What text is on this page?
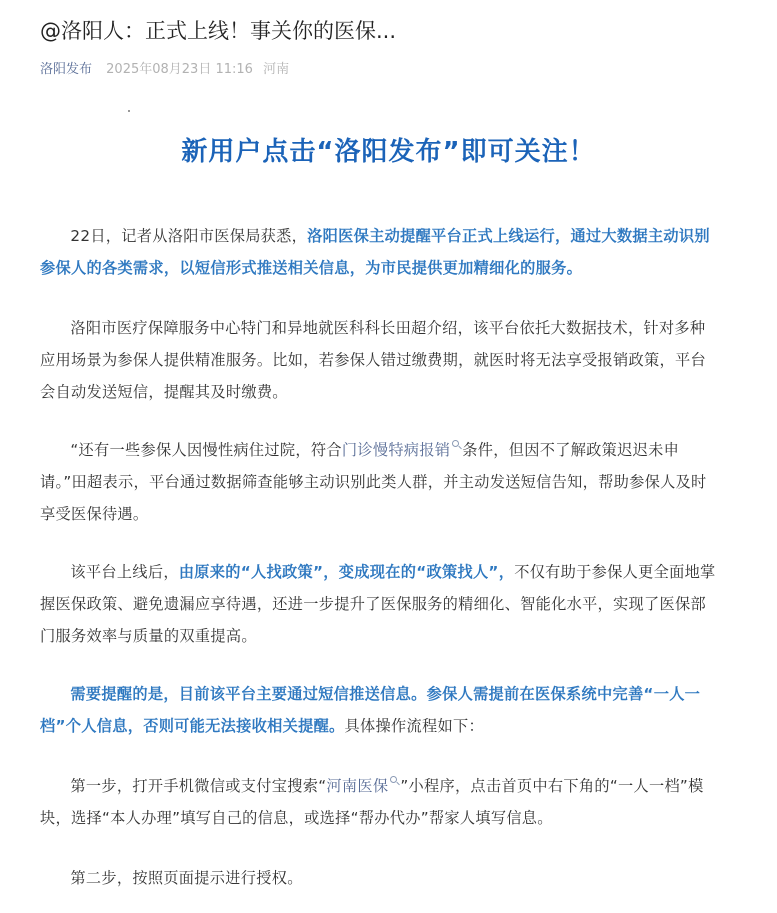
@洛阳人：正式上线！事关你的医保...
洛阳发布 2025年08月23日 11:16 河南
新用户点击“洛阳发布”即可关注！

22日，记者从洛阳市医保局获悉，洛阳医保主动提醒平台正式上线运行，通过大数据主动识别参保人的各类需求，以短信形式推送相关信息，为市民提供更加精细化的服务。

洛阳市医疗保障服务中心特门和异地就医科科长田超介绍，该平台依托大数据技术，针对多种应用场景为参保人提供精准服务。比如，若参保人错过缴费期，就医时将无法享受报销政策，平台会自动发送短信，提醒其及时缴费。

“还有一些参保人因慢性病住过院，符合门诊慢特病报销 条件，但因不了解政策迟迟未申请。”田超表示，平台通过数据筛查能够主动识别此类人群，并主动发送短信告知，帮助参保人及时享受医保待遇。

该平台上线后，由原来的“人找政策”，变成现在的“政策找人”，不仅有助于参保人更全面地掌握医保政策、避免遗漏应享待遇，还进一步提升了医保服务的精细化、智能化水平，实现了医保部门服务效率与质量的双重提高。

需要提醒的是，目前该平台主要通过短信推送信息。参保人需提前在医保系统中完善“一人一档”个人信息，否则可能无法接收相关提醒。具体操作流程如下：

第一步，打开手机微信或支付宝搜索“河南医保 ”小程序，点击首页中右下角的“一人一档”模块，选择“本人办理”填写自己的信息，或选择“帮办代办”帮家人填写信息。

第二步，按照页面提示进行授权。
